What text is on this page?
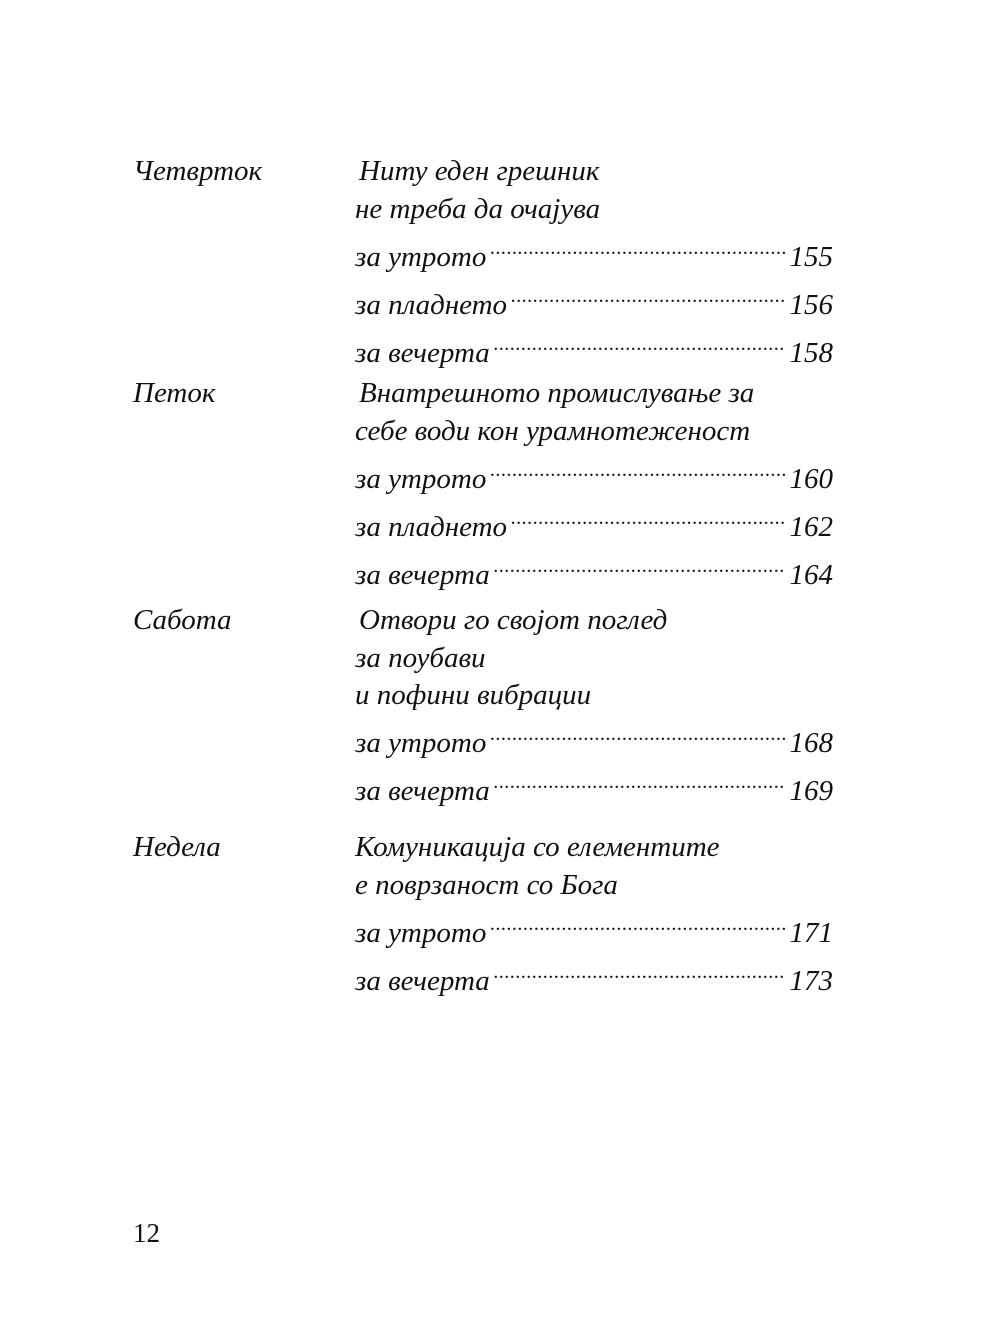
Четврток	Ниту еден грешник
не треба да очајува
за утрото .....	155
за пладнето .....	156
за вечерта .....	158
Петок	Внатрешното промислување за
себе води кон урамнотеженост
за утрото .....	160
за пладнето .....	162
за вечерта .....	164
Сабота	Отвори го својот поглед
за поубави
и пофини вибрации
за утрото .....	168
за вечерта .....	169
Недела	Комуникација со елементите
е поврзаност со Бога
за утрото .....	171
за вечерта .....	173
12
